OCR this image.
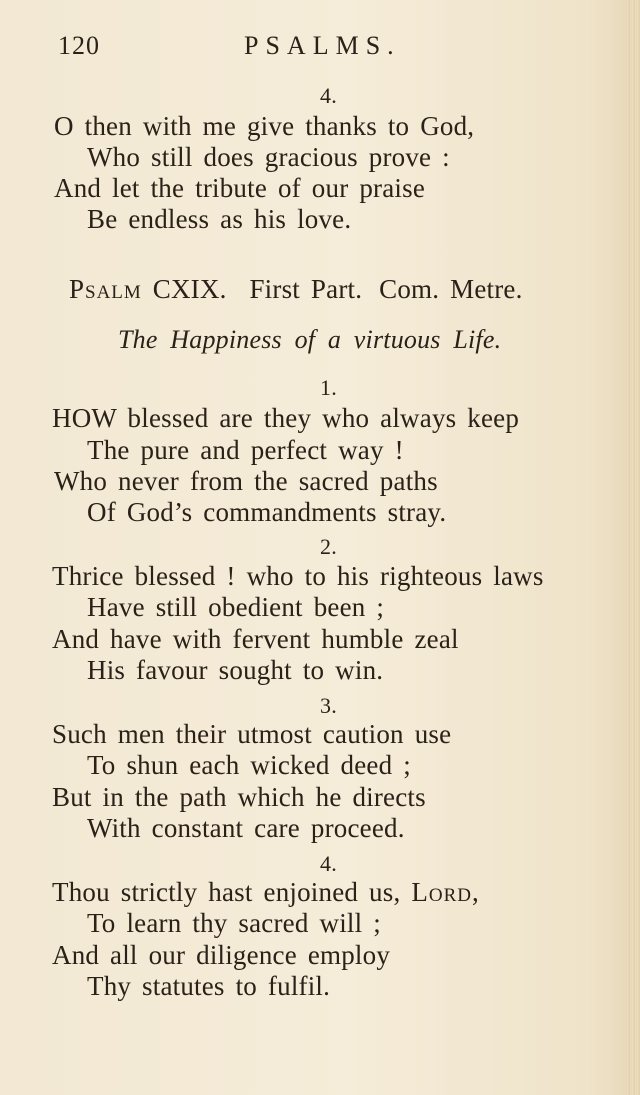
120	PSALMS.
4.
O then with me give thanks to God,
Who still does gracious prove :
And let the tribute of our praise
Be endless as his love.
Psalm CXIX. First Part. Com. Metre.
The Happiness of a virtuous Life.
1.
HOW blessed are they who always keep
The pure and perfect way !
Who never from the sacred paths
Of God’s commandments stray.
2.
Thrice blessed ! who to his righteous laws
Have still obedient been ;
And have with fervent humble zeal
His favour sought to win.
3.
Such men their utmost caution use
To shun each wicked deed ;
But in the path which he directs
With constant care proceed.
4.
Thou strictly hast enjoined us, Lord,
To learn thy sacred will ;
And all our diligence employ
Thy statutes to fulfil.
